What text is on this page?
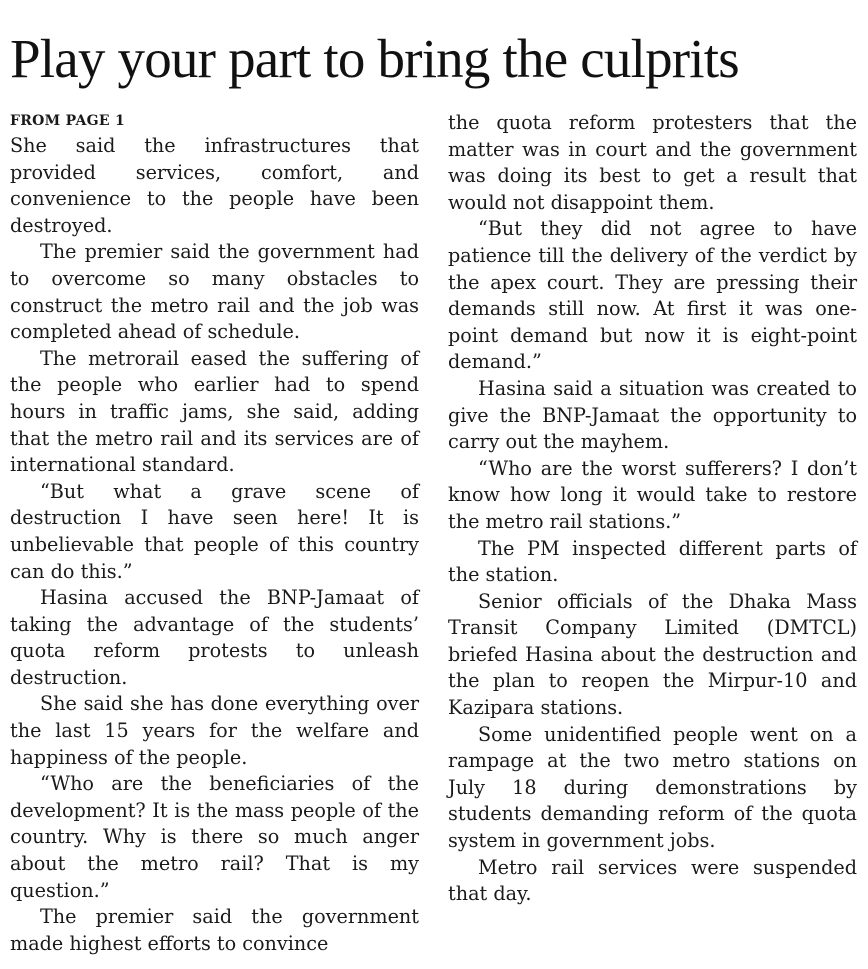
Play your part to bring the culprits
FROM PAGE 1

She said the infrastructures that provided services, comfort, and convenience to the people have been destroyed.

The premier said the government had to overcome so many obstacles to construct the metro rail and the job was completed ahead of schedule.

The metrorail eased the suffering of the people who earlier had to spend hours in traffic jams, she said, adding that the metro rail and its services are of international standard.

“But what a grave scene of destruction I have seen here! It is unbelievable that people of this country can do this.”

Hasina accused the BNP-Jamaat of taking the advantage of the students’ quota reform protests to unleash destruction.

She said she has done everything over the last 15 years for the welfare and happiness of the people.

“Who are the beneficiaries of the development? It is the mass people of the country. Why is there so much anger about the metro rail? That is my question.”

The premier said the government made highest efforts to convince

the quota reform protesters that the matter was in court and the government was doing its best to get a result that would not disappoint them.

“But they did not agree to have patience till the delivery of the verdict by the apex court. They are pressing their demands still now. At first it was one-point demand but now it is eight-point demand.”

Hasina said a situation was created to give the BNP-Jamaat the opportunity to carry out the mayhem.

“Who are the worst sufferers? I don’t know how long it would take to restore the metro rail stations.”

The PM inspected different parts of the station.

Senior officials of the Dhaka Mass Transit Company Limited (DMTCL) briefed Hasina about the destruction and the plan to reopen the Mirpur-10 and Kazipara stations.

Some unidentified people went on a rampage at the two metro stations on July 18 during demonstrations by students demanding reform of the quota system in government jobs.

Metro rail services were suspended that day.
